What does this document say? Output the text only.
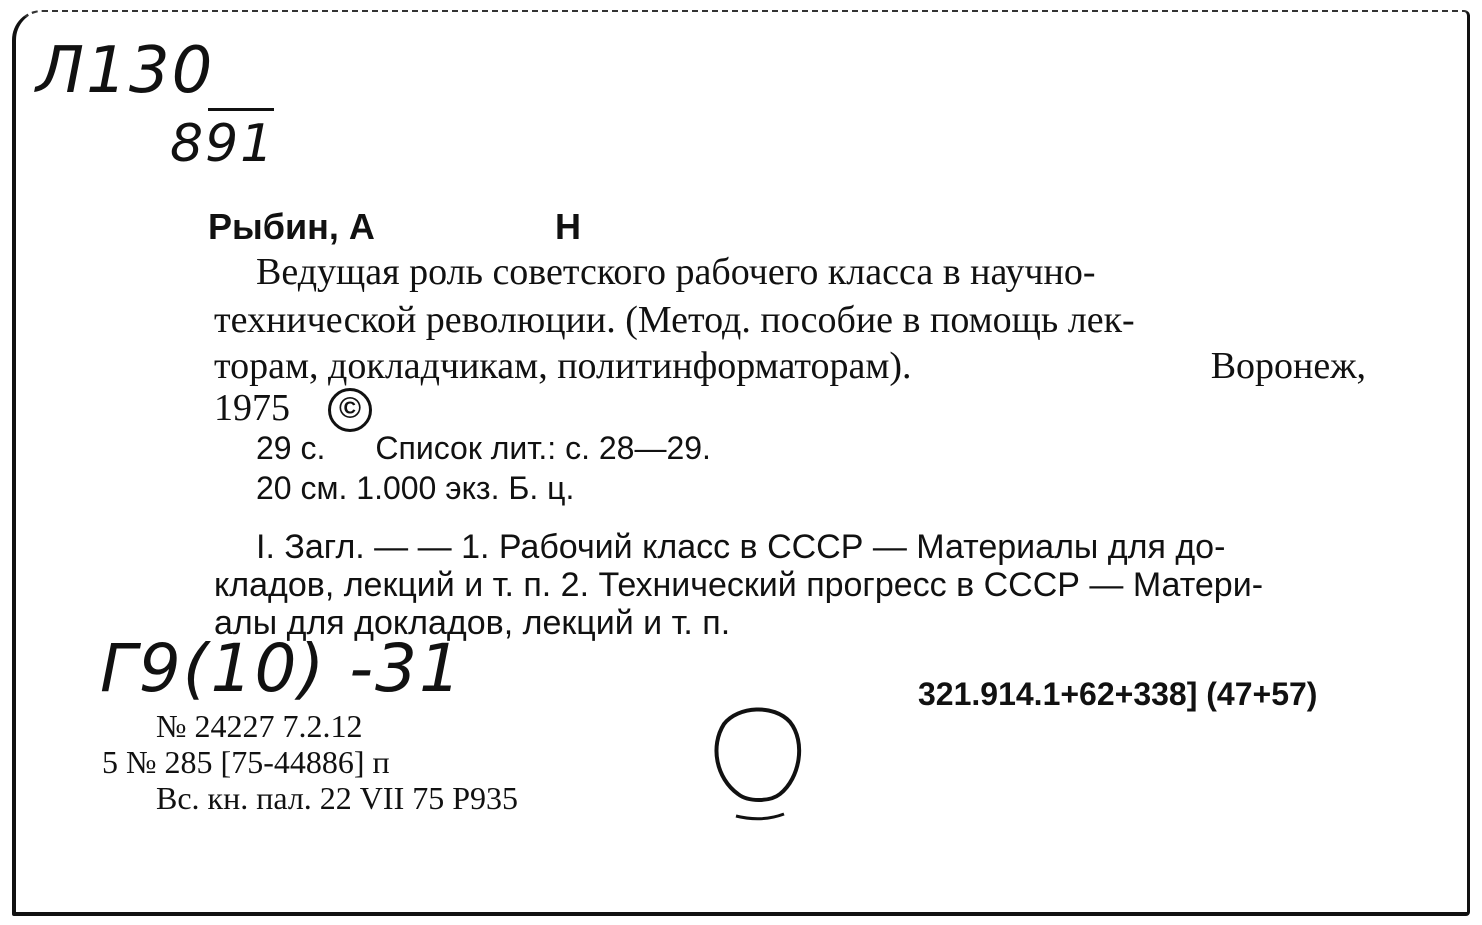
Л130
891
Рыбин, А	Н
Ведущая роль советского рабочего класса в научно-
технической революции. (Метод. пособие в помощь лек-
торам, докладчикам, политинформаторам).	Воронеж,
1975 ©
29 с. Список лит.: с. 28—29.
20 см. 1.000 экз. Б. ц.
I. Загл. — — 1. Рабочий класс в СССР — Материалы для до-
кладов, лекций и т. п. 2. Технический прогресс в СССР — Матери-
алы для докладов, лекций и т. п.
Г9(10) -31	321.914.1+62+338] (47+57)
№ 24227 7.2.12
5 № 285 [75-44886] п
Вс. кн. пал. 22 VII 75 Р935
